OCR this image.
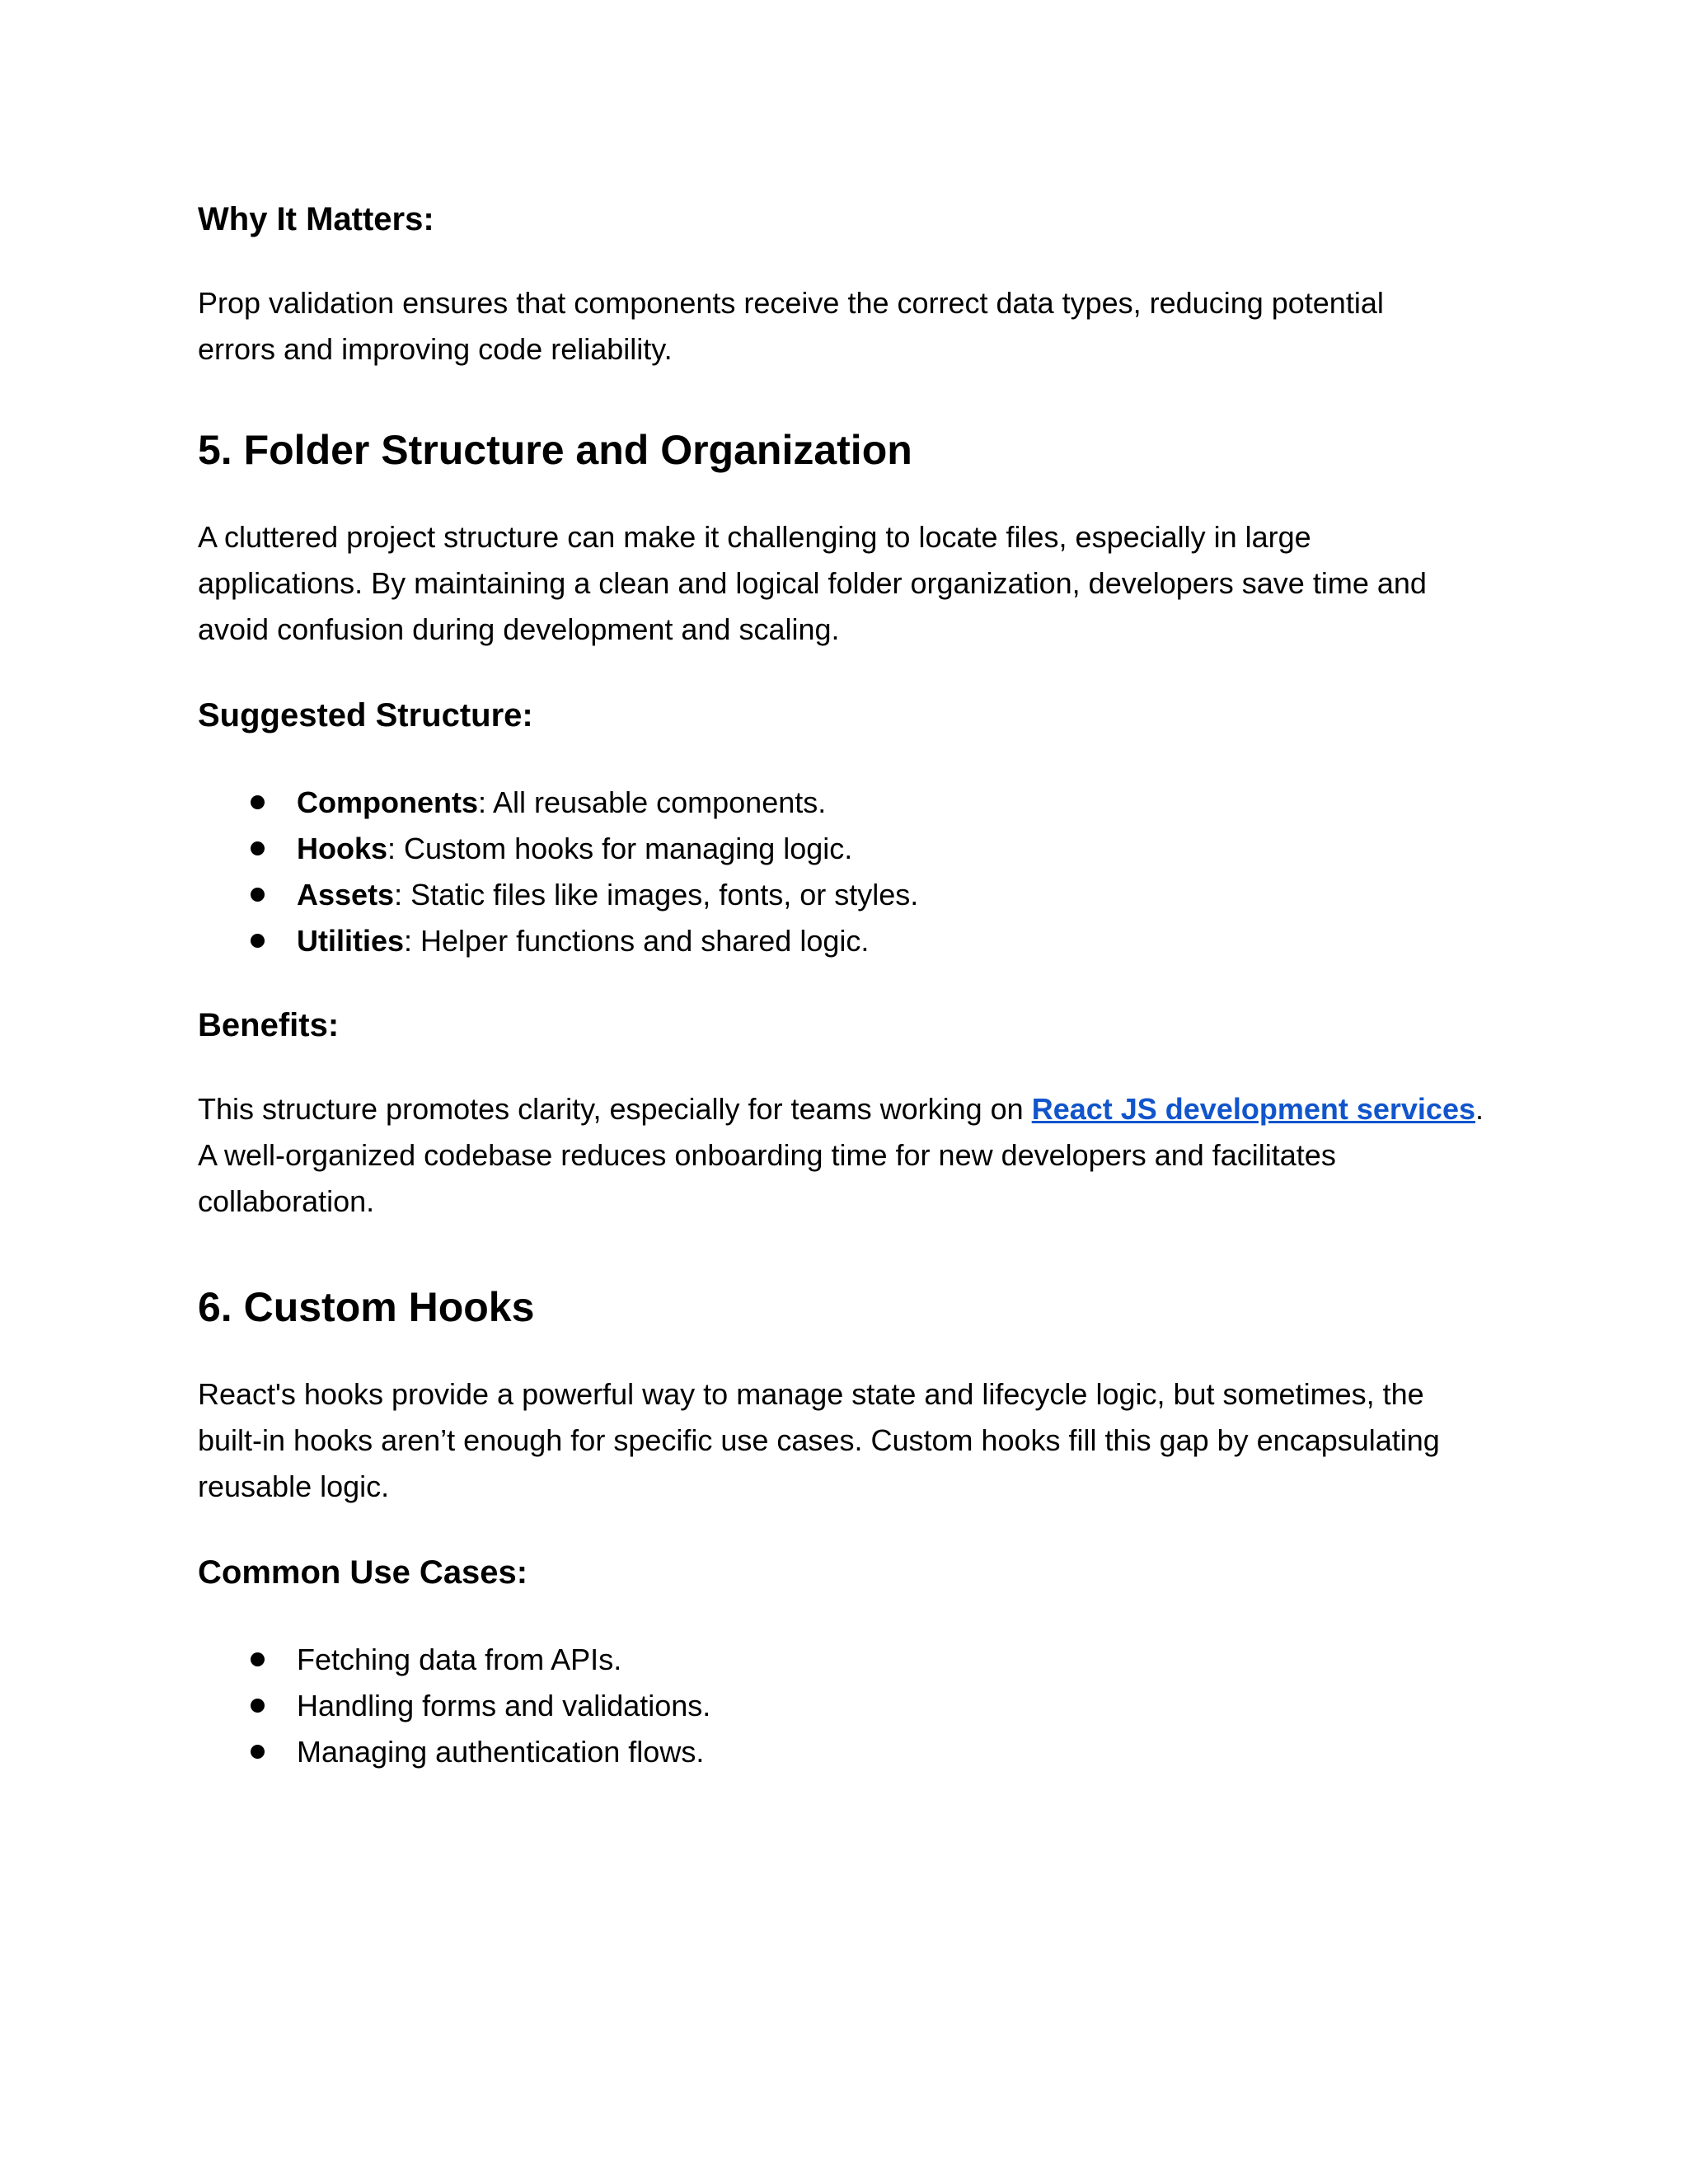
Why It Matters:

Prop validation ensures that components receive the correct data types, reducing potential
errors and improving code reliability.

5. Folder Structure and Organization

A cluttered project structure can make it challenging to locate files, especially in large
applications. By maintaining a clean and logical folder organization, developers save time and
avoid confusion during development and scaling.

Suggested Structure:
Components: All reusable components.
Hooks: Custom hooks for managing logic.
Assets: Static files like images, fonts, or styles.
Utilities: Helper functions and shared logic.
Benefits:

This structure promotes clarity, especially for teams working on React JS development services.
A well-organized codebase reduces onboarding time for new developers and facilitates
collaboration.

6. Custom Hooks

React's hooks provide a powerful way to manage state and lifecycle logic, but sometimes, the
built-in hooks aren’t enough for specific use cases. Custom hooks fill this gap by encapsulating
reusable logic.

Common Use Cases:
Fetching data from APIs.
Handling forms and validations.
Managing authentication flows.
